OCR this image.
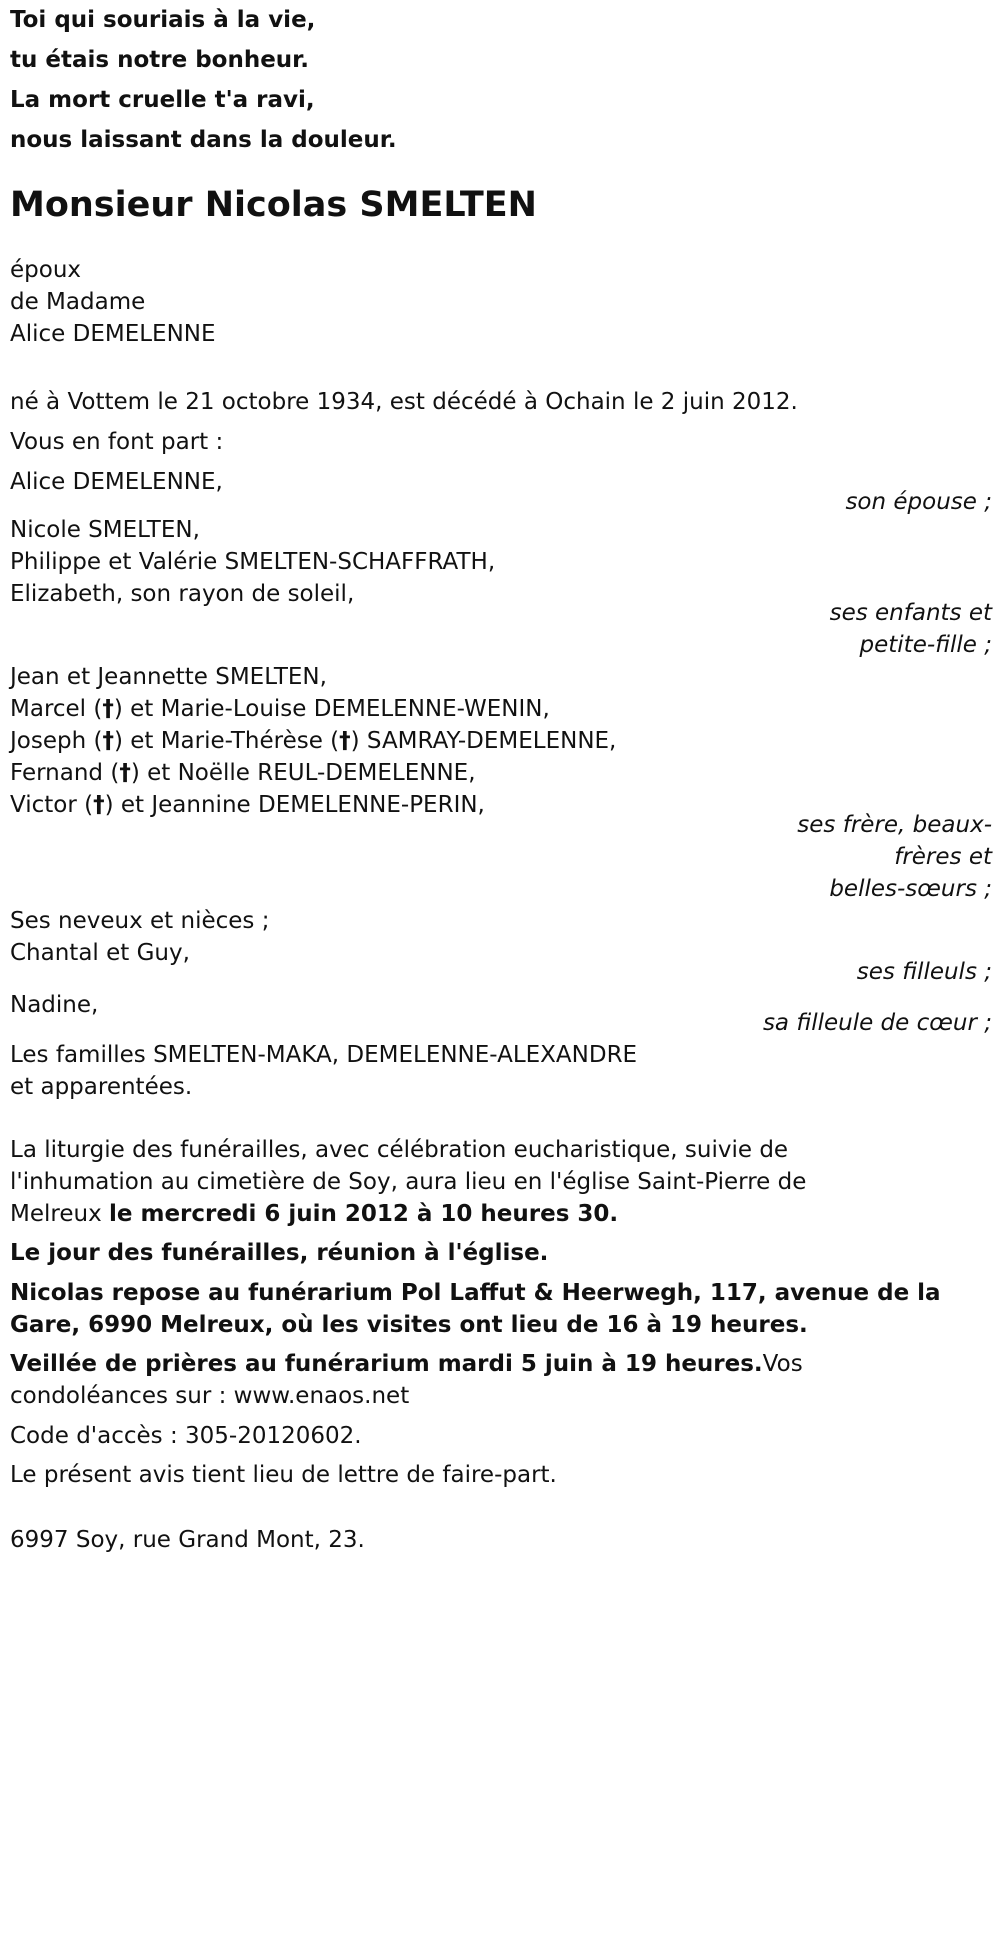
Toi qui souriais à la vie,
tu étais notre bonheur.
La mort cruelle t'a ravi,
nous laissant dans la douleur.
Monsieur Nicolas SMELTEN
époux
de Madame
Alice DEMELENNE
né à Vottem le 21 octobre 1934, est décédé à Ochain le 2 juin 2012.
Vous en font part :
Alice DEMELENNE,
son épouse ;
Nicole SMELTEN,
Philippe et Valérie SMELTEN-SCHAFFRATH,
Elizabeth, son rayon de soleil,
ses enfants et
petite-fille ;
Jean et Jeannette SMELTEN,
Marcel (†) et Marie-Louise DEMELENNE-WENIN,
Joseph (†) et Marie-Thérèse (†) SAMRAY-DEMELENNE,
Fernand (†) et Noëlle REUL-DEMELENNE,
Victor (†) et Jeannine DEMELENNE-PERIN,
ses frère, beaux-
frères et
belles-sœurs ;
Ses neveux et nièces ;
Chantal et Guy,
ses filleuls ;
Nadine,
sa filleule de cœur ;
Les familles SMELTEN-MAKA, DEMELENNE-ALEXANDRE
et apparentées.
La liturgie des funérailles, avec célébration eucharistique, suivie de
l'inhumation au cimetière de Soy, aura lieu en l'église Saint-Pierre de
Melreux le mercredi 6 juin 2012 à 10 heures 30.
Le jour des funérailles, réunion à l'église.
Nicolas repose au funérarium Pol Laffut & Heerwegh, 117, avenue de la
Gare, 6990 Melreux, où les visites ont lieu de 16 à 19 heures.
Veillée de prières au funérarium mardi 5 juin à 19 heures.Vos
condoléances sur : www.enaos.net
Code d'accès : 305-20120602.
Le présent avis tient lieu de lettre de faire-part.
6997 Soy, rue Grand Mont, 23.
